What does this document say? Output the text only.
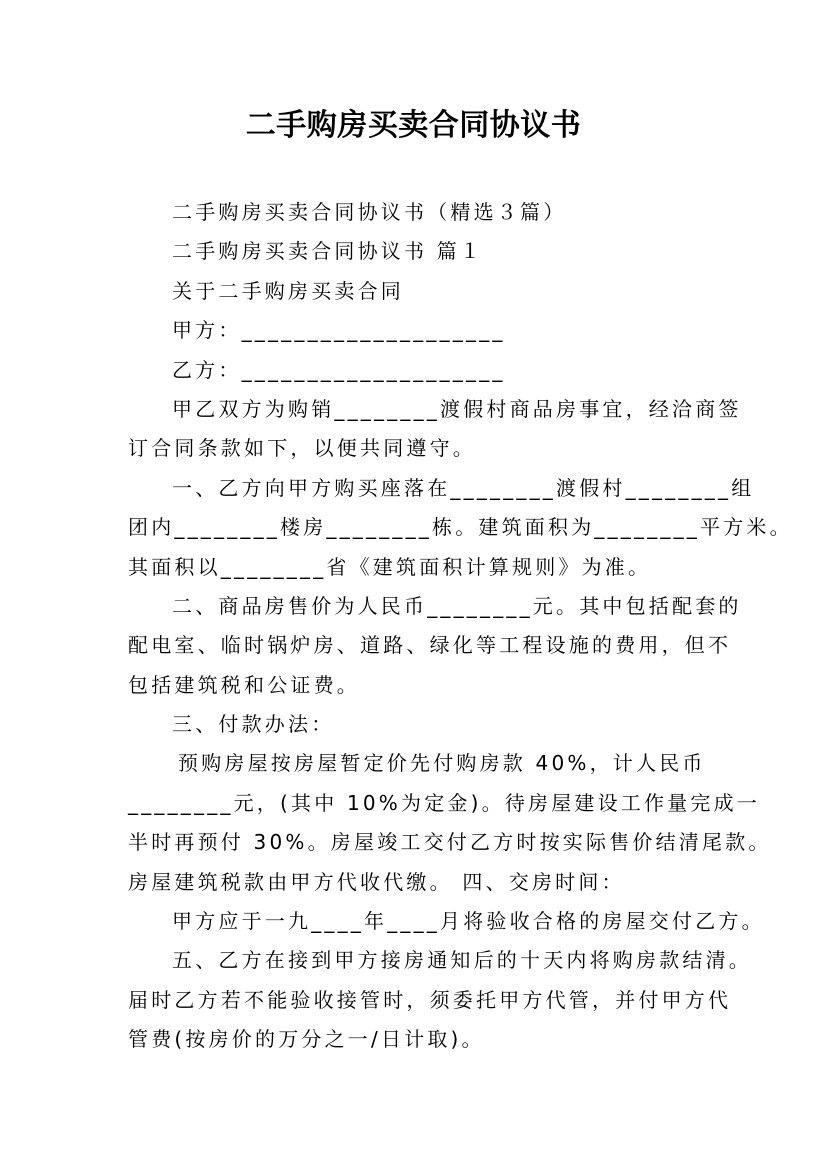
二手购房买卖合同协议书
二手购房买卖合同协议书（精选３篇）
二手购房买卖合同协议书 篇１
关于二手购房买卖合同
甲方：____________________
乙方：____________________
甲乙双方为购销________渡假村商品房事宜，经洽商签
订合同条款如下，以便共同遵守。
一、乙方向甲方购买座落在________渡假村________组
团内________楼房________栋。建筑面积为________平方米。
其面积以________省《建筑面积计算规则》为准。
二、商品房售价为人民币________元。其中包括配套的
配电室、临时锅炉房、道路、绿化等工程设施的费用，但不
包括建筑税和公证费。
三、付款办法：
预购房屋按房屋暂定价先付购房款 40%，计人民币
________元，(其中 10%为定金)。待房屋建设工作量完成一
半时再预付 30%。房屋竣工交付乙方时按实际售价结清尾款。
房屋建筑税款由甲方代收代缴。 四、交房时间：
甲方应于一九____年____月将验收合格的房屋交付乙方。
五、乙方在接到甲方接房通知后的十天内将购房款结清。
届时乙方若不能验收接管时，须委托甲方代管，并付甲方代
管费(按房价的万分之一/日计取)。
